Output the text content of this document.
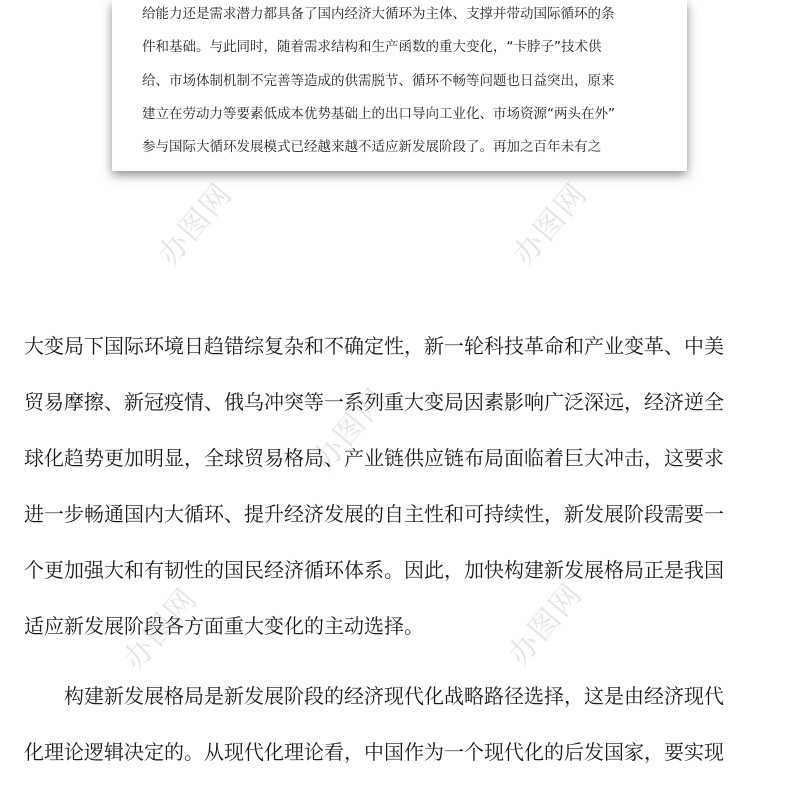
给能力还是需求潜力都具备了国内经济大循环为主体、支撑并带动国际循环的条
件和基础。与此同时，随着需求结构和生产函数的重大变化，“卡脖子”技术供
给、市场体制机制不完善等造成的供需脱节、循环不畅等问题也日益突出，原来
建立在劳动力等要素低成本优势基础上的出口导向工业化、市场资源“两头在外”
参与国际大循环发展模式已经越来越不适应新发展阶段了。再加之百年未有之
大变局下国际环境日趋错综复杂和不确定性，新一轮科技革命和产业变革、中美
贸易摩擦、新冠疫情、俄乌冲突等一系列重大变局因素影响广泛深远，经济逆全
球化趋势更加明显，全球贸易格局、产业链供应链布局面临着巨大冲击，这要求
进一步畅通国内大循环、提升经济发展的自主性和可持续性，新发展阶段需要一
个更加强大和有韧性的国民经济循环体系。因此，加快构建新发展格局正是我国
适应新发展阶段各方面重大变化的主动选择。
　构建新发展格局是新发展阶段的经济现代化战略路径选择，这是由经济现代
化理论逻辑决定的。从现代化理论看，中国作为一个现代化的后发国家，要实现
办图网	办图网
办图网
办图网	办图网
